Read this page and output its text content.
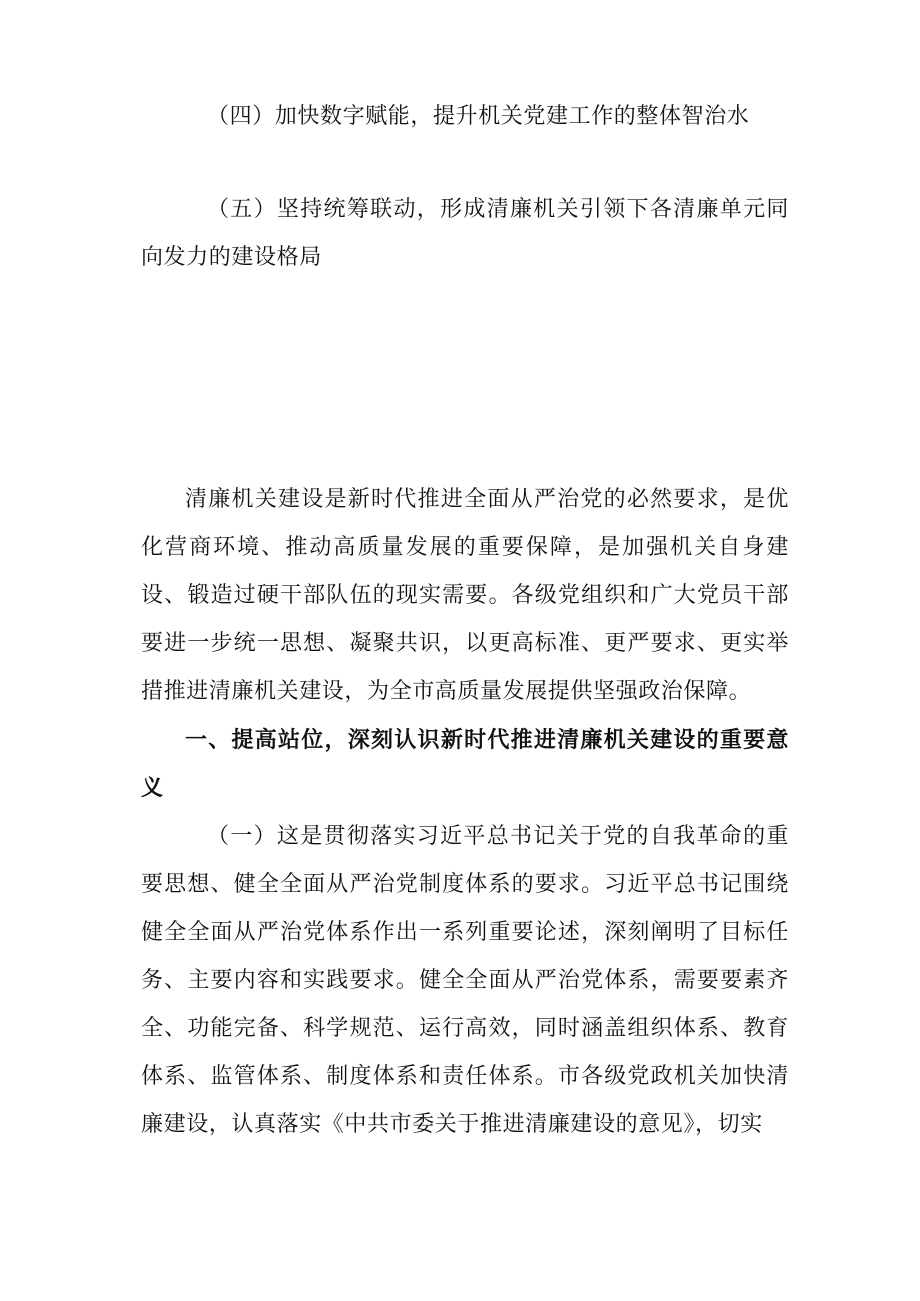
（四）加快数字赋能，提升机关党建工作的整体智治水

（五）坚持统筹联动，形成清廉机关引领下各清廉单元同向发力的建设格局

清廉机关建设是新时代推进全面从严治党的必然要求，是优化营商环境、推动高质量发展的重要保障，是加强机关自身建设、锻造过硬干部队伍的现实需要。各级党组织和广大党员干部要进一步统一思想、凝聚共识，以更高标准、更严要求、更实举措推进清廉机关建设，为全市高质量发展提供坚强政治保障。

一、提高站位，深刻认识新时代推进清廉机关建设的重要意义

（一）这是贯彻落实习近平总书记关于党的自我革命的重要思想、健全全面从严治党制度体系的要求。习近平总书记围绕健全全面从严治党体系作出一系列重要论述，深刻阐明了目标任务、主要内容和实践要求。健全全面从严治党体系，需要要素齐全、功能完备、科学规范、运行高效，同时涵盖组织体系、教育体系、监管体系、制度体系和责任体系。市各级党政机关加快清廉建设，认真落实《中共市委关于推进清廉建设的意见》，切实
